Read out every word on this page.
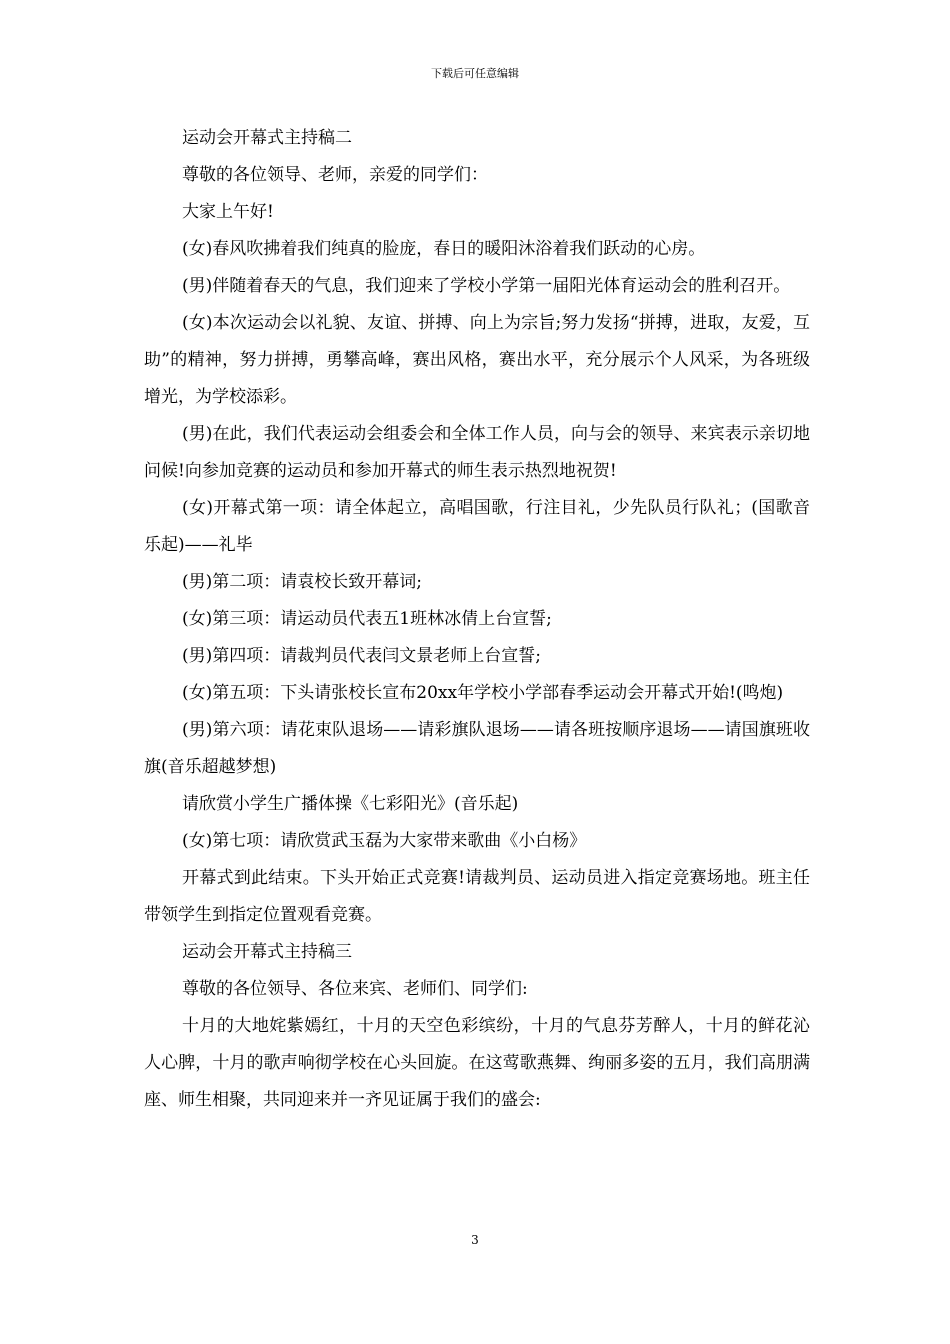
下载后可任意编辑

运动会开幕式主持稿二

尊敬的各位领导、老师，亲爱的同学们：

大家上午好!

(女)春风吹拂着我们纯真的脸庞，春日的暖阳沐浴着我们跃动的心房。

(男)伴随着春天的气息，我们迎来了学校小学第一届阳光体育运动会的胜利召开。

(女)本次运动会以礼貌、友谊、拼搏、向上为宗旨;努力发扬“拼搏，进取，友爱，互助”的精神，努力拼搏，勇攀高峰，赛出风格，赛出水平，充分展示个人风采，为各班级增光，为学校添彩。

(男)在此，我们代表运动会组委会和全体工作人员，向与会的领导、来宾表示亲切地问候!向参加竞赛的运动员和参加开幕式的师生表示热烈地祝贺!

(女)开幕式第一项：请全体起立，高唱国歌，行注目礼，少先队员行队礼；(国歌音乐起)——礼毕

(男)第二项：请袁校长致开幕词;

(女)第三项：请运动员代表五1班林冰倩上台宣誓;

(男)第四项：请裁判员代表闫文景老师上台宣誓;

(女)第五项：下头请张校长宣布20xx年学校小学部春季运动会开幕式开始!(鸣炮)

(男)第六项：请花束队退场——请彩旗队退场——请各班按顺序退场——请国旗班收旗(音乐超越梦想)

请欣赏小学生广播体操《七彩阳光》(音乐起)

(女)第七项：请欣赏武玉磊为大家带来歌曲《小白杨》

开幕式到此结束。下头开始正式竞赛!请裁判员、运动员进入指定竞赛场地。班主任带领学生到指定位置观看竞赛。

运动会开幕式主持稿三

尊敬的各位领导、各位来宾、老师们、同学们:

十月的大地姹紫嫣红，十月的天空色彩缤纷，十月的气息芬芳醉人，十月的鲜花沁人心脾，十月的歌声响彻学校在心头回旋。在这莺歌燕舞、绚丽多姿的五月，我们高朋满座、师生相聚，共同迎来并一齐见证属于我们的盛会:

3
